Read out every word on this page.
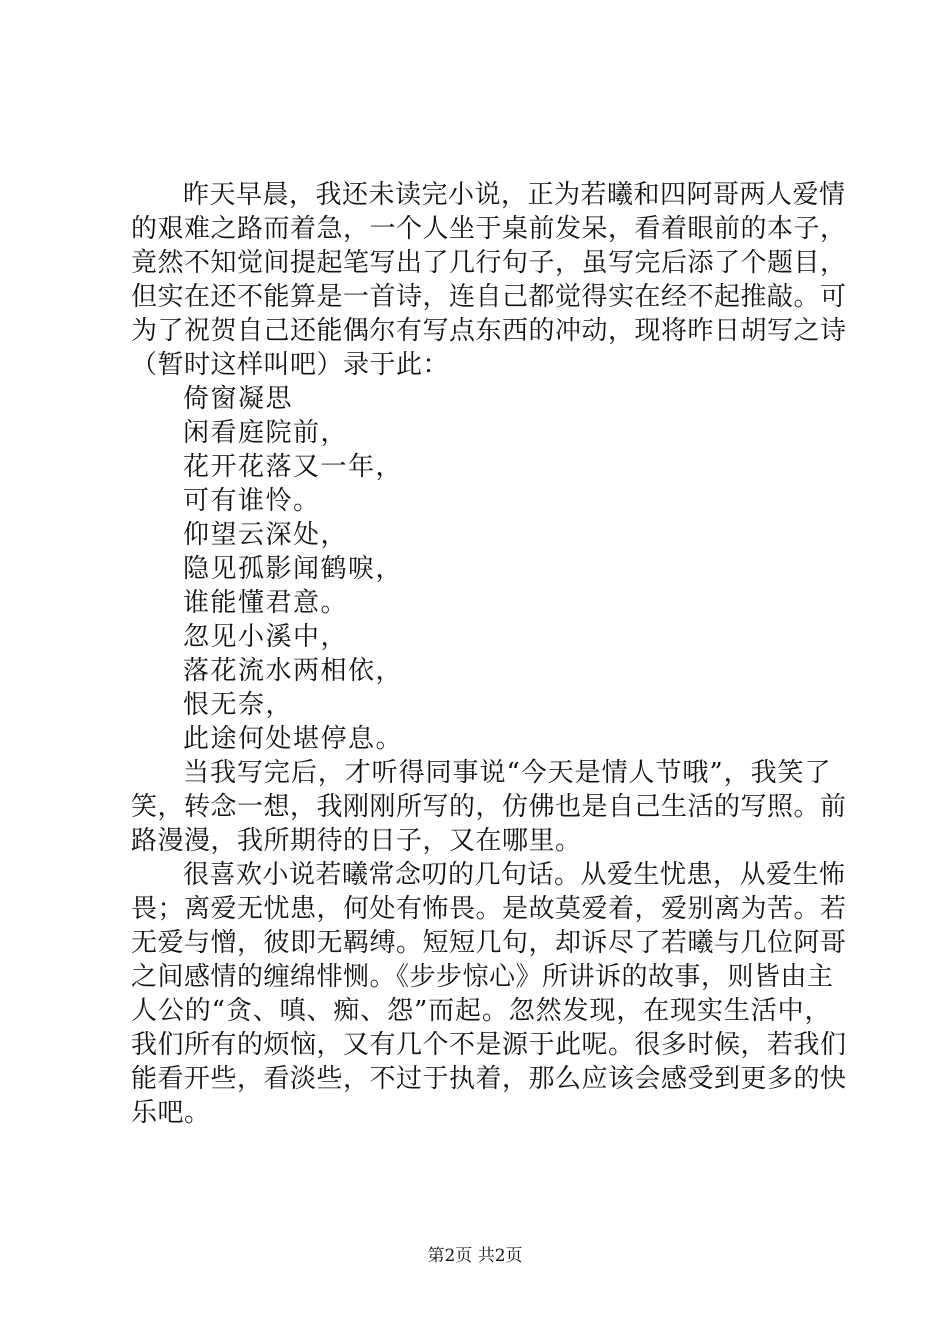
昨天早晨，我还未读完小说，正为若曦和四阿哥两人爱情
的艰难之路而着急，一个人坐于桌前发呆，看着眼前的本子，
竟然不知觉间提起笔写出了几行句子，虽写完后添了个题目，
但实在还不能算是一首诗，连自己都觉得实在经不起推敲。可
为了祝贺自己还能偶尔有写点东西的冲动，现将昨日胡写之诗
（暂时这样叫吧）录于此：
倚窗凝思
闲看庭院前，
花开花落又一年，
可有谁怜。
仰望云深处，
隐见孤影闻鹤唳，
谁能懂君意。
忽见小溪中，
落花流水两相依，
恨无奈，
此途何处堪停息。
当我写完后，才听得同事说“今天是情人节哦”，我笑了
笑，转念一想，我刚刚所写的，仿佛也是自己生活的写照。前
路漫漫，我所期待的日子，又在哪里。
很喜欢小说若曦常念叨的几句话。从爱生忧患，从爱生怖
畏；离爱无忧患，何处有怖畏。是故莫爱着，爱别离为苦。若
无爱与憎，彼即无羁缚。短短几句，却诉尽了若曦与几位阿哥
之间感情的缠绵悱恻。《步步惊心》所讲诉的故事，则皆由主
人公的“贪、嗔、痴、怨”而起。忽然发现，在现实生活中，
我们所有的烦恼，又有几个不是源于此呢。很多时候，若我们
能看开些，看淡些，不过于执着，那么应该会感受到更多的快
乐吧。
第2页 共2页
